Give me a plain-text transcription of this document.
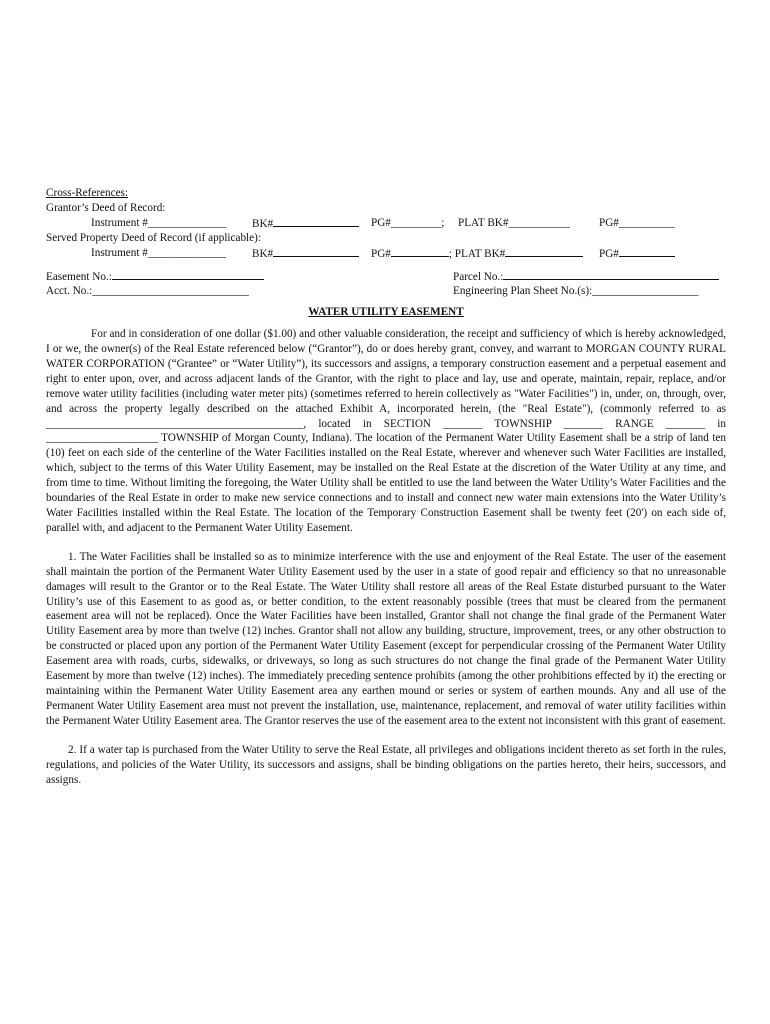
Cross-References:
Grantor’s Deed of Record:
Instrument #______________ BK#	PG#_________; PLAT BK#___________	PG#__________
Served Property Deed of Record (if applicable):
Instrument #______________ BK#	PG#	; PLAT BK#	PG#
Easement No.:	Parcel No.:
Acct. No.:____________________________	Engineering Plan Sheet No.(s):___________________
WATER UTILITY EASEMENT

For and in consideration of one dollar ($1.00) and other valuable consideration, the receipt and sufficiency of which is hereby acknowledged, I or we, the owner(s) of the Real Estate referenced below (“Grantor”), do or does hereby grant, convey, and warrant to MORGAN COUNTY RURAL WATER CORPORATION (“Grantee” or “Water Utility”), its successors and assigns, a temporary construction easement and a perpetual easement and right to enter upon, over, and across adjacent lands of the Grantor, with the right to place and lay, use and operate, maintain, repair, replace, and/or remove water utility facilities (including water meter pits) (sometimes referred to herein collectively as "Water Facilities") in, under, on, through, over, and across the property legally described on the attached Exhibit A, incorporated herein, (the "Real Estate"), (commonly referred to as ______________________________________________, located in SECTION _______ TOWNSHIP _______ RANGE _______ in ____________________ TOWNSHIP of Morgan County, Indiana). The location of the Permanent Water Utility Easement shall be a strip of land ten (10) feet on each side of the centerline of the Water Facilities installed on the Real Estate, wherever and whenever such Water Facilities are installed, which, subject to the terms of this Water Utility Easement, may be installed on the Real Estate at the discretion of the Water Utility at any time, and from time to time. Without limiting the foregoing, the Water Utility shall be entitled to use the land between the Water Utility’s Water Facilities and the boundaries of the Real Estate in order to make new service connections and to install and connect new water main extensions into the Water Utility’s Water Facilities installed within the Real Estate. The location of the Temporary Construction Easement shall be twenty feet (20') on each side of, parallel with, and adjacent to the Permanent Water Utility Easement.

1. The Water Facilities shall be installed so as to minimize interference with the use and enjoyment of the Real Estate. The user of the easement shall maintain the portion of the Permanent Water Utility Easement used by the user in a state of good repair and efficiency so that no unreasonable damages will result to the Grantor or to the Real Estate. The Water Utility shall restore all areas of the Real Estate disturbed pursuant to the Water Utility’s use of this Easement to as good as, or better condition, to the extent reasonably possible (trees that must be cleared from the permanent easement area will not be replaced). Once the Water Facilities have been installed, Grantor shall not change the final grade of the Permanent Water Utility Easement area by more than twelve (12) inches. Grantor shall not allow any building, structure, improvement, trees, or any other obstruction to be constructed or placed upon any portion of the Permanent Water Utility Easement (except for perpendicular crossing of the Permanent Water Utility Easement area with roads, curbs, sidewalks, or driveways, so long as such structures do not change the final grade of the Permanent Water Utility Easement by more than twelve (12) inches). The immediately preceding sentence prohibits (among the other prohibitions effected by it) the erecting or maintaining within the Permanent Water Utility Easement area any earthen mound or series or system of earthen mounds. Any and all use of the Permanent Water Utility Easement area must not prevent the installation, use, maintenance, replacement, and removal of water utility facilities within the Permanent Water Utility Easement area. The Grantor reserves the use of the easement area to the extent not inconsistent with this grant of easement.

2. If a water tap is purchased from the Water Utility to serve the Real Estate, all privileges and obligations incident thereto as set forth in the rules, regulations, and policies of the Water Utility, its successors and assigns, shall be binding obligations on the parties hereto, their heirs, successors, and assigns.
